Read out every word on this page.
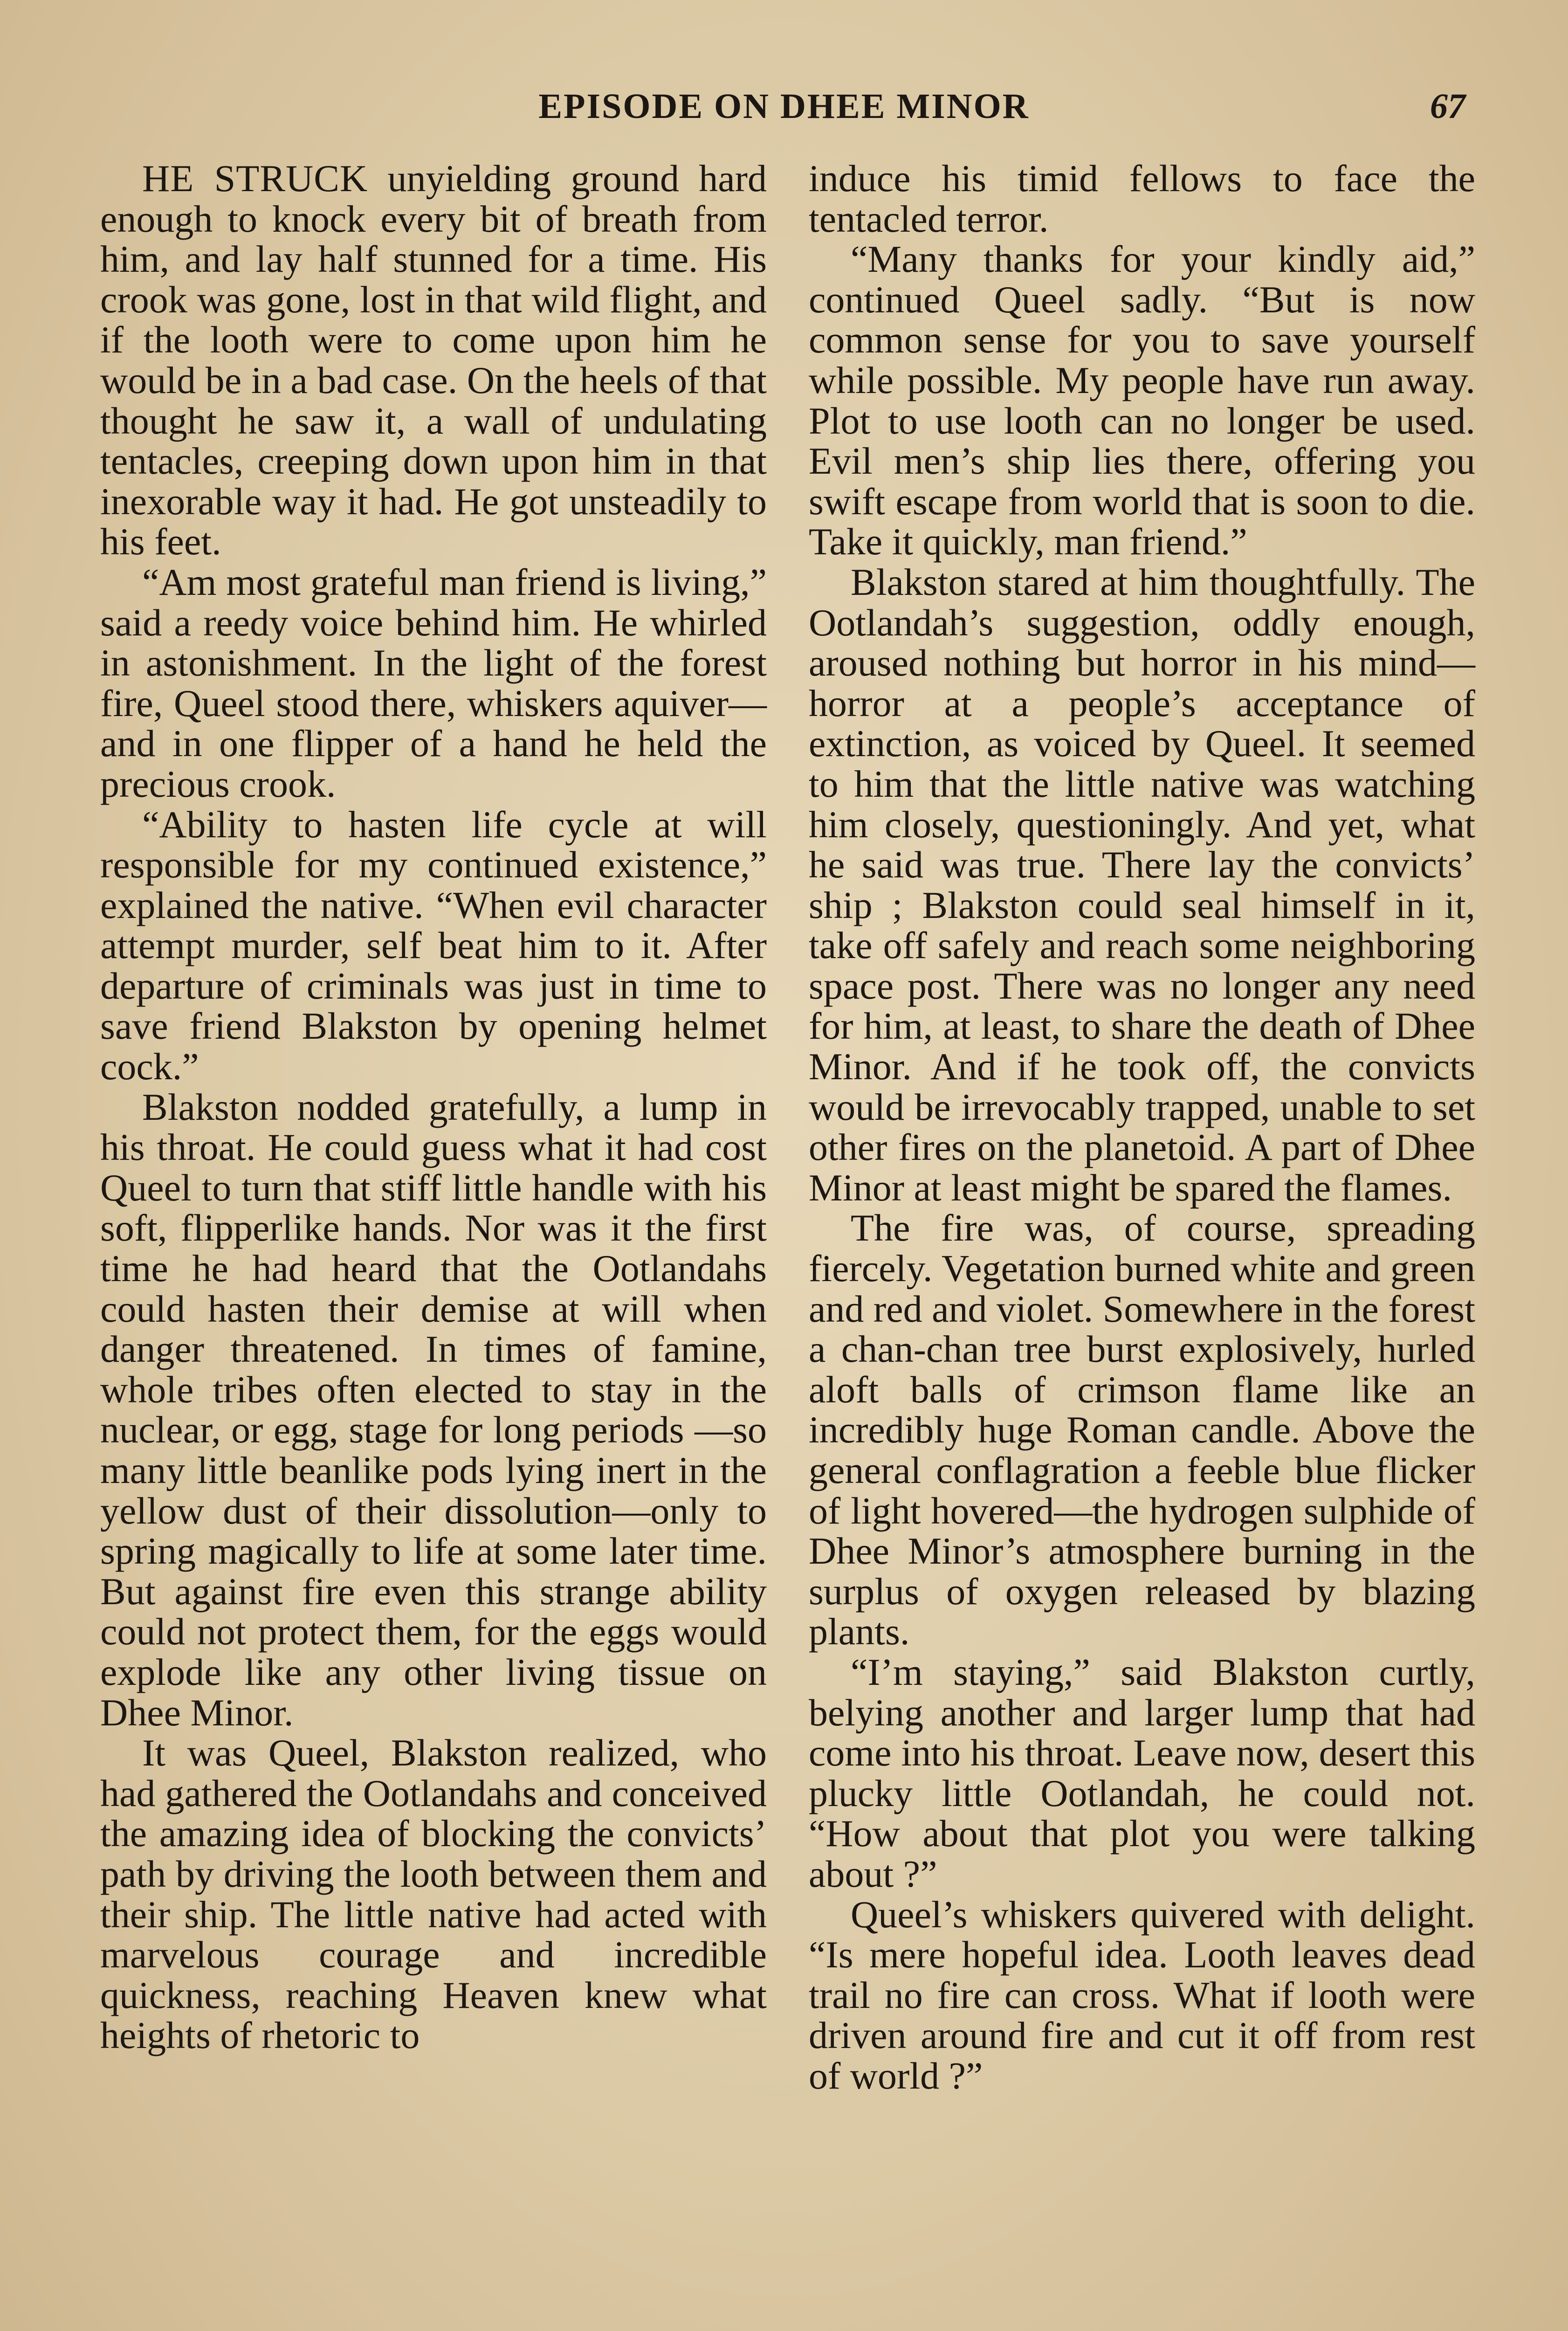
EPISODE ON DHEE MINOR	67

HE STRUCK unyielding ground hard enough to knock every bit of breath from him, and lay half stunned for a time. His crook was gone, lost in that wild flight, and if the looth were to come upon him he would be in a bad case. On the heels of that thought he saw it, a wall of undulating tentacles, creeping down upon him in that inexorable way it had. He got unsteadily to his feet.

“Am most grateful man friend is living,” said a reedy voice behind him. He whirled in astonishment. In the light of the forest fire, Queel stood there, whiskers aquiver—and in one flipper of a hand he held the precious crook.

“Ability to hasten life cycle at will responsible for my continued existence,” explained the native. “When evil character attempt murder, self beat him to it. After departure of criminals was just in time to save friend Blakston by opening helmet cock.”

Blakston nodded gratefully, a lump in his throat. He could guess what it had cost Queel to turn that stiff little handle with his soft, flipperlike hands. Nor was it the first time he had heard that the Ootlandahs could hasten their demise at will when danger threatened. In times of famine, whole tribes often elected to stay in the nuclear, or egg, stage for long periods —so many little beanlike pods lying inert in the yellow dust of their dissolution—only to spring magically to life at some later time. But against fire even this strange ability could not protect them, for the eggs would explode like any other living tissue on Dhee Minor.

It was Queel, Blakston realized, who had gathered the Ootlandahs and conceived the amazing idea of blocking the convicts’ path by driving the looth between them and their ship. The little native had acted with marvelous courage and incredible quickness, reaching Heaven knew what heights of rhetoric to

induce his timid fellows to face the tentacled terror.

“Many thanks for your kindly aid,” continued Queel sadly. “But is now common sense for you to save yourself while possible. My people have run away. Plot to use looth can no longer be used. Evil men’s ship lies there, offering you swift escape from world that is soon to die. Take it quickly, man friend.”

Blakston stared at him thoughtfully. The Ootlandah’s suggestion, oddly enough, aroused nothing but horror in his mind—horror at a people’s acceptance of extinction, as voiced by Queel. It seemed to him that the little native was watching him closely, questioningly. And yet, what he said was true. There lay the convicts’ ship ; Blakston could seal himself in it, take off safely and reach some neighboring space post. There was no longer any need for him, at least, to share the death of Dhee Minor. And if he took off, the convicts would be irrevocably trapped, unable to set other fires on the planetoid. A part of Dhee Minor at least might be spared the flames.

The fire was, of course, spreading fiercely. Vegetation burned white and green and red and violet. Somewhere in the forest a chan-chan tree burst explosively, hurled aloft balls of crimson flame like an incredibly huge Roman candle. Above the general conflagration a feeble blue flicker of light hovered—the hydrogen sulphide of Dhee Minor’s atmosphere burning in the surplus of oxygen released by blazing plants.

“I’m staying,” said Blakston curtly, belying another and larger lump that had come into his throat. Leave now, desert this plucky little Ootlandah, he could not. “How about that plot you were talking about ?”

Queel’s whiskers quivered with delight. “Is mere hopeful idea. Looth leaves dead trail no fire can cross. What if looth were driven around fire and cut it off from rest of world ?”
